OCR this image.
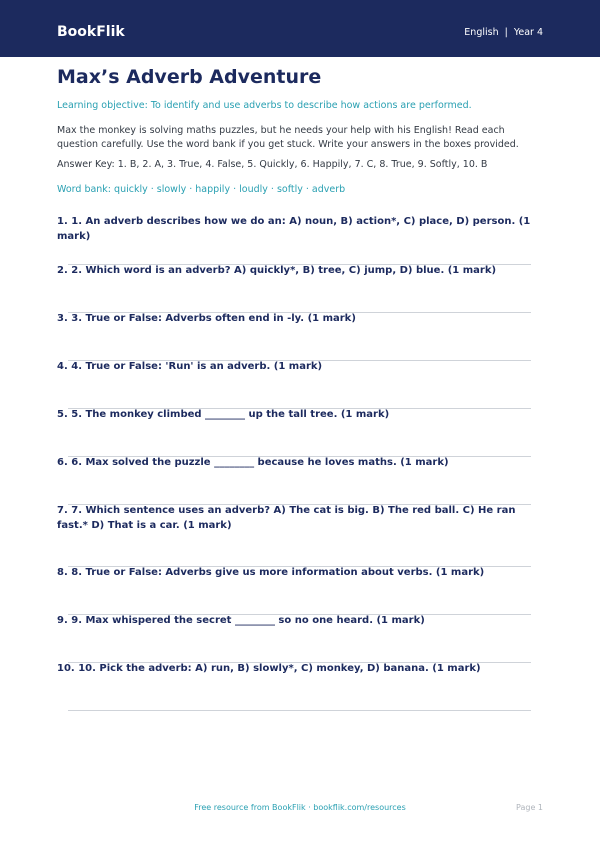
BookFlik	English | Year 4
Max’s Adverb Adventure
Learning objective: To identify and use adverbs to describe how actions are performed.
Max the monkey is solving maths puzzles, but he needs your help with his English! Read each question carefully. Use the word bank if you get stuck. Write your answers in the boxes provided.
Answer Key: 1. B, 2. A, 3. True, 4. False, 5. Quickly, 6. Happily, 7. C, 8. True, 9. Softly, 10. B
Word bank: quickly · slowly · happily · loudly · softly · adverb
1. 1. An adverb describes how we do an: A) noun, B) action*, C) place, D) person. (1 mark)
2. 2. Which word is an adverb? A) quickly*, B) tree, C) jump, D) blue. (1 mark)
3. 3. True or False: Adverbs often end in -ly. (1 mark)
4. 4. True or False: 'Run' is an adverb. (1 mark)
5. 5. The monkey climbed ________ up the tall tree. (1 mark)
6. 6. Max solved the puzzle ________ because he loves maths. (1 mark)
7. 7. Which sentence uses an adverb? A) The cat is big. B) The red ball. C) He ran fast.* D) That is a car. (1 mark)
8. 8. True or False: Adverbs give us more information about verbs. (1 mark)
9. 9. Max whispered the secret ________ so no one heard. (1 mark)
10. 10. Pick the adverb: A) run, B) slowly*, C) monkey, D) banana. (1 mark)
Free resource from BookFlik · bookflik.com/resources	Page 1
